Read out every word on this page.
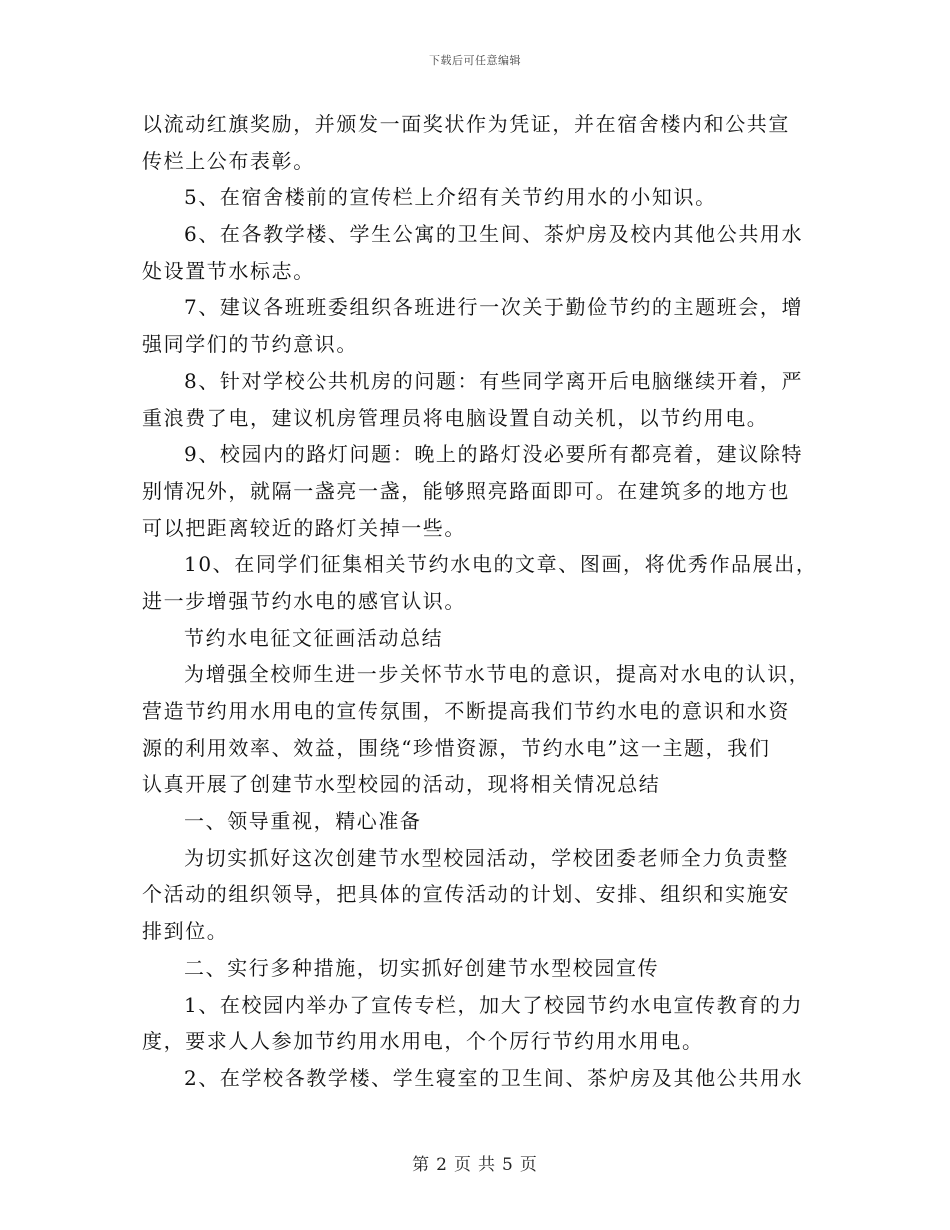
下载后可任意编辑
以流动红旗奖励，并颁发一面奖状作为凭证，并在宿舍楼内和公共宣
传栏上公布表彰。
5、在宿舍楼前的宣传栏上介绍有关节约用水的小知识。
6、在各教学楼、学生公寓的卫生间、茶炉房及校内其他公共用水
处设置节水标志。
7、建议各班班委组织各班进行一次关于勤俭节约的主题班会，增
强同学们的节约意识。
8、针对学校公共机房的问题：有些同学离开后电脑继续开着，严
重浪费了电，建议机房管理员将电脑设置自动关机，以节约用电。
9、校园内的路灯问题：晚上的路灯没必要所有都亮着，建议除特
别情况外，就隔一盏亮一盏，能够照亮路面即可。在建筑多的地方也
可以把距离较近的路灯关掉一些。
10、在同学们征集相关节约水电的文章、图画，将优秀作品展出，
进一步增强节约水电的感官认识。
节约水电征文征画活动总结
为增强全校师生进一步关怀节水节电的意识，提高对水电的认识，
营造节约用水用电的宣传氛围，不断提高我们节约水电的意识和水资
源的利用效率、效益，围绕“珍惜资源，节约水电”这一主题，我们
认真开展了创建节水型校园的活动，现将相关情况总结
一、领导重视，精心准备
为切实抓好这次创建节水型校园活动，学校团委老师全力负责整
个活动的组织领导，把具体的宣传活动的计划、安排、组织和实施安
排到位。
二、实行多种措施，切实抓好创建节水型校园宣传
1、在校园内举办了宣传专栏，加大了校园节约水电宣传教育的力
度，要求人人参加节约用水用电，个个厉行节约用水用电。
2、在学校各教学楼、学生寝室的卫生间、茶炉房及其他公共用水
第 2 页 共 5 页
